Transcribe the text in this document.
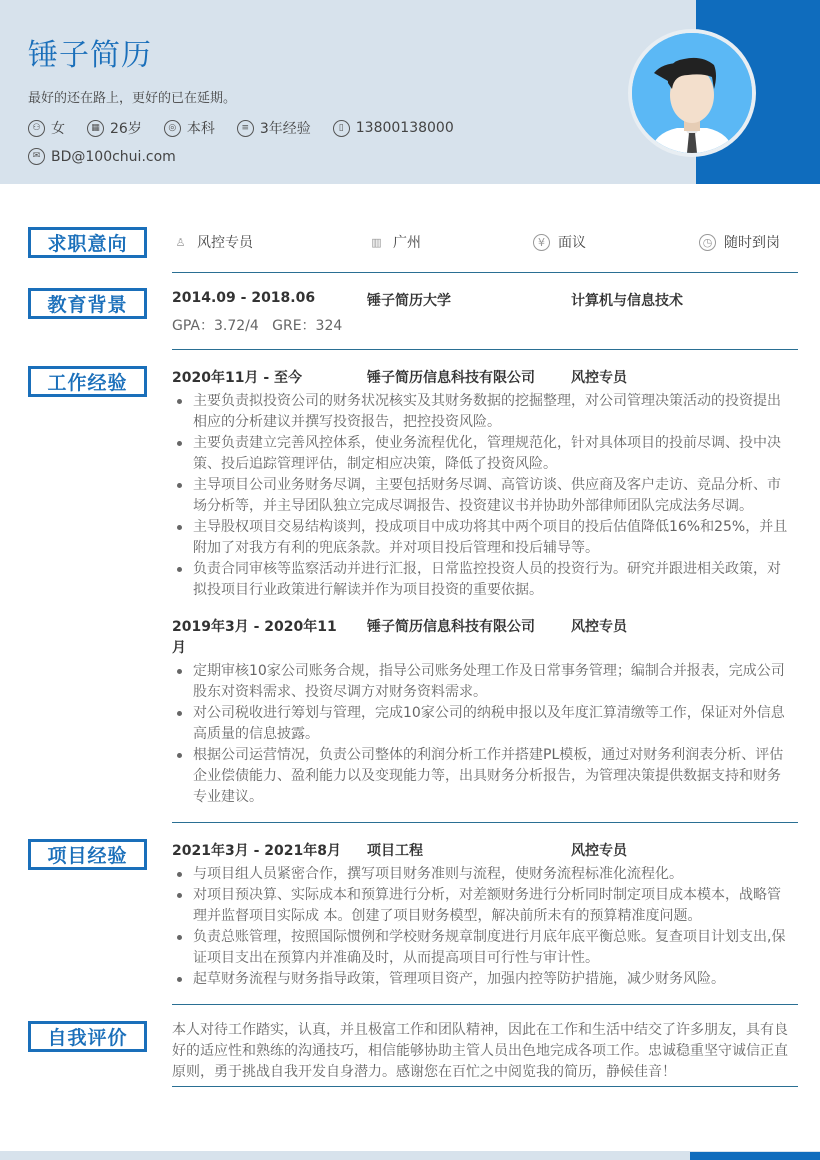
锤子简历
最好的还在路上，更好的已在延期。
⚇ 女	▦ 26岁	◎ 本科	≡ 3年经验	▯ 13800138000
✉ BD@100chui.com
求职意向	♙ 风控专员	▥ 广州	¥ 面议	◷ 随时到岗
教育背景	2014.09 - 2018.06	锤子简历大学	计算机与信息技术
GPA：3.72/4   GRE：324
工作经验	2020年11月 - 至今	锤子简历信息科技有限公司	风控专员
主要负责拟投资公司的财务状况核实及其财务数据的挖掘整理，对公司管理决策活动的投资提出相应的分析建议并撰写投资报告，把控投资风险。
主要负责建立完善风控体系，使业务流程优化，管理规范化，针对具体项目的投前尽调、投中决策、投后追踪管理评估，制定相应决策，降低了投资风险。
主导项目公司业务财务尽调，主要包括财务尽调、高管访谈、供应商及客户走访、竞品分析、市场分析等，并主导团队独立完成尽调报告、投资建议书并协助外部律师团队完成法务尽调。
主导股权项目交易结构谈判，投成项目中成功将其中两个项目的投后估值降低16%和25%，并且附加了对我方有利的兜底条款。并对项目投后管理和投后辅导等。
负责合同审核等监察活动并进行汇报，日常监控投资人员的投资行为。研究并跟进相关政策，对拟投项目行业政策进行解读并作为项目投资的重要依据。
2019年3月 - 2020年11
月
锤子简历信息科技有限公司	风控专员
定期审核10家公司账务合规，指导公司账务处理工作及日常事务管理；编制合并报表，完成公司股东对资料需求、投资尽调方对财务资料需求。
对公司税收进行筹划与管理，完成10家公司的纳税申报以及年度汇算清缴等工作，保证对外信息高质量的信息披露。
根据公司运营情况，负责公司整体的利润分析工作并搭建PL模板，通过对财务利润表分析、评估企业偿债能力、盈利能力以及变现能力等，出具财务分析报告，为管理决策提供数据支持和财务专业建议。
项目经验	2021年3月 - 2021年8月 项目工程	风控专员
与项目组人员紧密合作，撰写项目财务准则与流程，使财务流程标准化流程化。
对项目预决算、实际成本和预算进行分析，对差额财务进行分析同时制定项目成本模本，战略管理并监督项目实际成 本。创建了项目财务模型，解决前所未有的预算精准度问题。
负责总账管理，按照国际惯例和学校财务规章制度进行月底年底平衡总账。复查项目计划支出,保证项目支出在预算内并准确及时，从而提高项目可行性与审计性。
起草财务流程与财务指导政策，管理项目资产，加强内控等防护措施，减少财务风险。
自我评价	本人对待工作踏实，认真，并且极富工作和团队精神，因此在工作和生活中结交了许多朋友，具有良好的适应性和熟练的沟通技巧，相信能够协助主管人员出色地完成各项工作。忠诚稳重坚守诚信正直原则，勇于挑战自我开发自身潜力。感谢您在百忙之中阅览我的简历，静候佳音！
